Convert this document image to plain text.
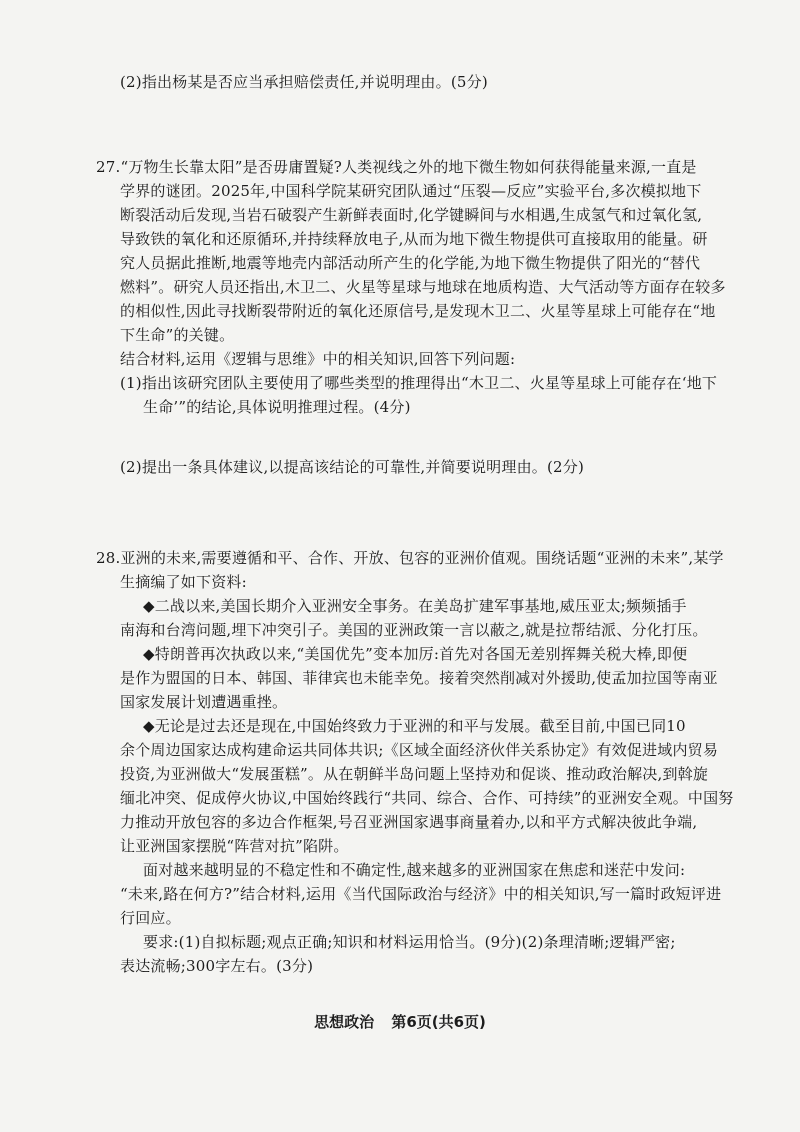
(2)指出杨某是否应当承担赔偿责任,并说明理由。(5分)
27.“万物生长靠太阳”是否毋庸置疑?人类视线之外的地下微生物如何获得能量来源,一直是
学界的谜团。2025年,中国科学院某研究团队通过“压裂—反应”实验平台,多次模拟地下
断裂活动后发现,当岩石破裂产生新鲜表面时,化学键瞬间与水相遇,生成氢气和过氧化氢,
导致铁的氧化和还原循环,并持续释放电子,从而为地下微生物提供可直接取用的能量。研
究人员据此推断,地震等地壳内部活动所产生的化学能,为地下微生物提供了阳光的“替代
燃料”。研究人员还指出,木卫二、火星等星球与地球在地质构造、大气活动等方面存在较多
的相似性,因此寻找断裂带附近的氧化还原信号,是发现木卫二、火星等星球上可能存在“地
下生命”的关键。
结合材料,运用《逻辑与思维》中的相关知识,回答下列问题:
(1)指出该研究团队主要使用了哪些类型的推理得出“木卫二、火星等星球上可能存在‘地下
生命’”的结论,具体说明推理过程。(4分)
(2)提出一条具体建议,以提高该结论的可靠性,并简要说明理由。(2分)
28.亚洲的未来,需要遵循和平、合作、开放、包容的亚洲价值观。围绕话题“亚洲的未来”,某学
生摘编了如下资料:
◆二战以来,美国长期介入亚洲安全事务。在美岛扩建军事基地,威压亚太;频频插手
南海和台湾问题,埋下冲突引子。美国的亚洲政策一言以蔽之,就是拉帮结派、分化打压。
◆特朗普再次执政以来,“美国优先”变本加厉:首先对各国无差别挥舞关税大棒,即便
是作为盟国的日本、韩国、菲律宾也未能幸免。接着突然削减对外援助,使孟加拉国等南亚
国家发展计划遭遇重挫。
◆无论是过去还是现在,中国始终致力于亚洲的和平与发展。截至目前,中国已同10
余个周边国家达成构建命运共同体共识;《区域全面经济伙伴关系协定》有效促进域内贸易
投资,为亚洲做大“发展蛋糕”。从在朝鲜半岛问题上坚持劝和促谈、推动政治解决,到斡旋
缅北冲突、促成停火协议,中国始终践行“共同、综合、合作、可持续”的亚洲安全观。中国努
力推动开放包容的多边合作框架,号召亚洲国家遇事商量着办,以和平方式解决彼此争端,
让亚洲国家摆脱“阵营对抗”陷阱。
面对越来越明显的不稳定性和不确定性,越来越多的亚洲国家在焦虑和迷茫中发问:
“未来,路在何方?”结合材料,运用《当代国际政治与经济》中的相关知识,写一篇时政短评进
行回应。
要求:(1)自拟标题;观点正确;知识和材料运用恰当。(9分)(2)条理清晰;逻辑严密;
表达流畅;300字左右。(3分)
思想政治 第6页(共6页)
